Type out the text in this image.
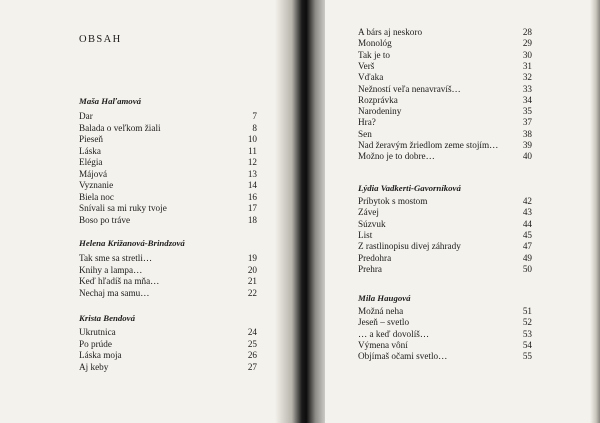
OBSAH
Maša Haľamová
Dar	7
Balada o veľkom žiali	8
Pieseň	10
Láska	11
Elégia	12
Májová	13
Vyznanie	14
Biela noc	16
Snívali sa mi ruky tvoje	17
Boso po tráve	18
Helena Križanová-Brindzová
Tak sme sa stretli…	19
Knihy a lampa…	20
Keď hľadíš na mňa…	21
Nechaj ma samu…	22
Krista Bendová
Ukrutnica	24
Po prúde	25
Láska moja	26
Aj keby	27
A bárs aj neskoro	28
Monológ	29
Tak je to	30
Verš	31
Vďaka	32
Nežností veľa nenavravíš…	33
Rozprávka	34
Narodeniny	35
Hra?	37
Sen	38
Nad žeravým žriedlom zeme stojím…	39
Možno je to dobre…	40
Lýdia Vadkerti-Gavorníková
Príbytok s mostom	42
Závej	43
Súzvuk	44
List	45
Z rastlinopisu divej záhrady	47
Predohra	49
Prehra	50
Mila Haugová
Možná neha	51
Jeseň – svetlo	52
… a keď dovolíš…	53
Výmena vôní	54
Objímaš očami svetlo…	55
